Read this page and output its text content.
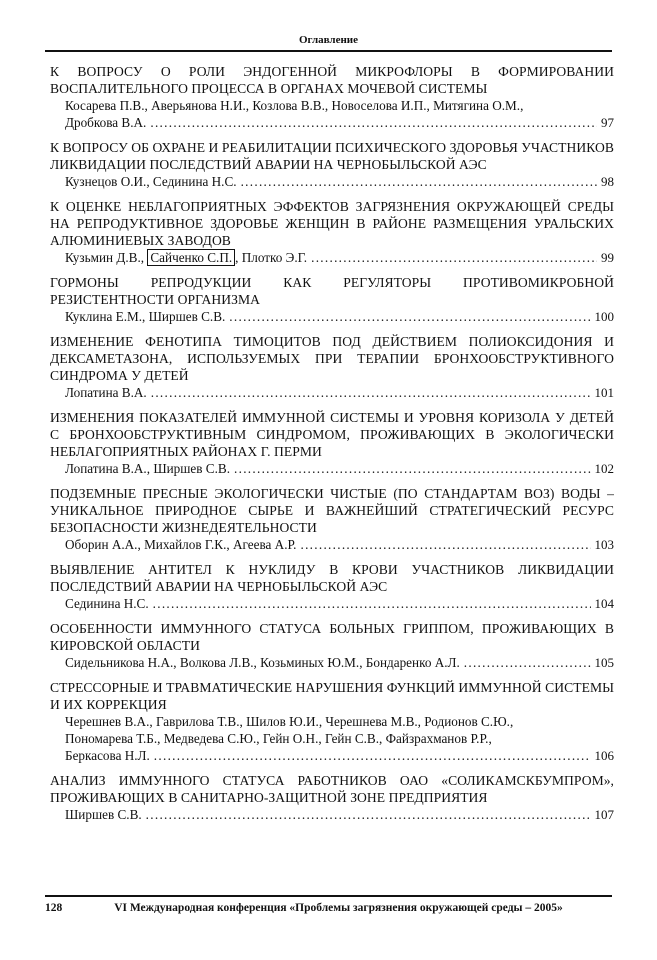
Оглавление
К ВОПРОСУ О РОЛИ ЭНДОГЕННОЙ МИКРОФЛОРЫ В ФОРМИРОВАНИИ ВОСПАЛИТЕЛЬНОГО ПРОЦЕССА В ОРГАНАХ МОЧЕВОЙ СИСТЕМЫ
Косарева П.В., Аверьянова Н.И., Козлова В.В., Новоселова И.П., Митягина О.М.,
Дробкова В.А. . . .	97
К ВОПРОСУ ОБ ОХРАНЕ И РЕАБИЛИТАЦИИ ПСИХИЧЕСКОГО ЗДОРОВЬЯ УЧАСТНИКОВ ЛИКВИДАЦИИ ПОСЛЕДСТВИЙ АВАРИИ НА ЧЕРНОБЫЛЬСКОЙ АЭС
Кузнецов О.И., Сединина Н.С. . . .	98
К ОЦЕНКЕ НЕБЛАГОПРИЯТНЫХ ЭФФЕКТОВ ЗАГРЯЗНЕНИЯ ОКРУЖАЮЩЕЙ СРЕДЫ НА РЕПРОДУКТИВНОЕ ЗДОРОВЬЕ ЖЕНЩИН В РАЙОНЕ РАЗМЕЩЕНИЯ УРАЛЬСКИХ АЛЮМИНИЕВЫХ ЗАВОДОВ
Кузьмин Д.В., Сайченко С.П. , Плотко Э.Г. . . .	99
ГОРМОНЫ РЕПРОДУКЦИИ КАК РЕГУЛЯТОРЫ ПРОТИВОМИКРОБНОЙ РЕЗИСТЕНТНОСТИ ОРГАНИЗМА
Куклина Е.М., Ширшев С.В. . . .	100
ИЗМЕНЕНИЕ ФЕНОТИПА ТИМОЦИТОВ ПОД ДЕЙСТВИЕМ ПОЛИОКСИДОНИЯ И ДЕКСАМЕТАЗОНА, ИСПОЛЬЗУЕМЫХ ПРИ ТЕРАПИИ БРОНХООБСТРУКТИВНОГО СИНДРОМА У ДЕТЕЙ
Лопатина В.А. . . .	101
ИЗМЕНЕНИЯ ПОКАЗАТЕЛЕЙ ИММУННОЙ СИСТЕМЫ И УРОВНЯ КОРИЗОЛА У ДЕТЕЙ С БРОНХООБСТРУКТИВНЫМ СИНДРОМОМ, ПРОЖИВАЮЩИХ В ЭКОЛОГИЧЕСКИ НЕБЛАГОПРИЯТНЫХ РАЙОНАХ Г. ПЕРМИ
Лопатина В.А., Ширшев С.В. . . .	102
ПОДЗЕМНЫЕ ПРЕСНЫЕ ЭКОЛОГИЧЕСКИ ЧИСТЫЕ (ПО СТАНДАРТАМ ВОЗ) ВОДЫ – УНИКАЛЬНОЕ ПРИРОДНОЕ СЫРЬЕ И ВАЖНЕЙШИЙ СТРАТЕГИЧЕСКИЙ РЕСУРС БЕЗОПАСНОСТИ ЖИЗНЕДЕЯТЕЛЬНОСТИ
Оборин А.А., Михайлов Г.К., Агеева А.Р. . . .	103
ВЫЯВЛЕНИЕ АНТИТЕЛ К НУКЛИДУ В КРОВИ УЧАСТНИКОВ ЛИКВИДАЦИИ ПОСЛЕДСТВИЙ АВАРИИ НА ЧЕРНОБЫЛЬСКОЙ АЭС
Сединина Н.С. . . .	104
ОСОБЕННОСТИ ИММУННОГО СТАТУСА БОЛЬНЫХ ГРИППОМ, ПРОЖИВАЮЩИХ В КИРОВСКОЙ ОБЛАСТИ
Сидельникова Н.А., Волкова Л.В., Козьминых Ю.М., Бондаренко А.Л. . . .	105
СТРЕССОРНЫЕ И ТРАВМАТИЧЕСКИЕ НАРУШЕНИЯ ФУНКЦИЙ ИММУННОЙ СИСТЕМЫ И ИХ КОРРЕКЦИЯ
Черешнев В.А., Гаврилова Т.В., Шилов Ю.И., Черешнева М.В., Родионов С.Ю.,
Пономарева Т.Б., Медведева С.Ю., Гейн О.Н., Гейн С.В., Файзрахманов Р.Р.,
Беркасова Н.Л. . . .	106
АНАЛИЗ ИММУННОГО СТАТУСА РАБОТНИКОВ ОАО «СОЛИКАМСКБУМПРОМ», ПРОЖИВАЮЩИХ В САНИТАРНО-ЗАЩИТНОЙ ЗОНЕ ПРЕДПРИЯТИЯ
Ширшев С.В. . . .	107
128	VI Международная конференция «Проблемы загрязнения окружающей среды – 2005»
